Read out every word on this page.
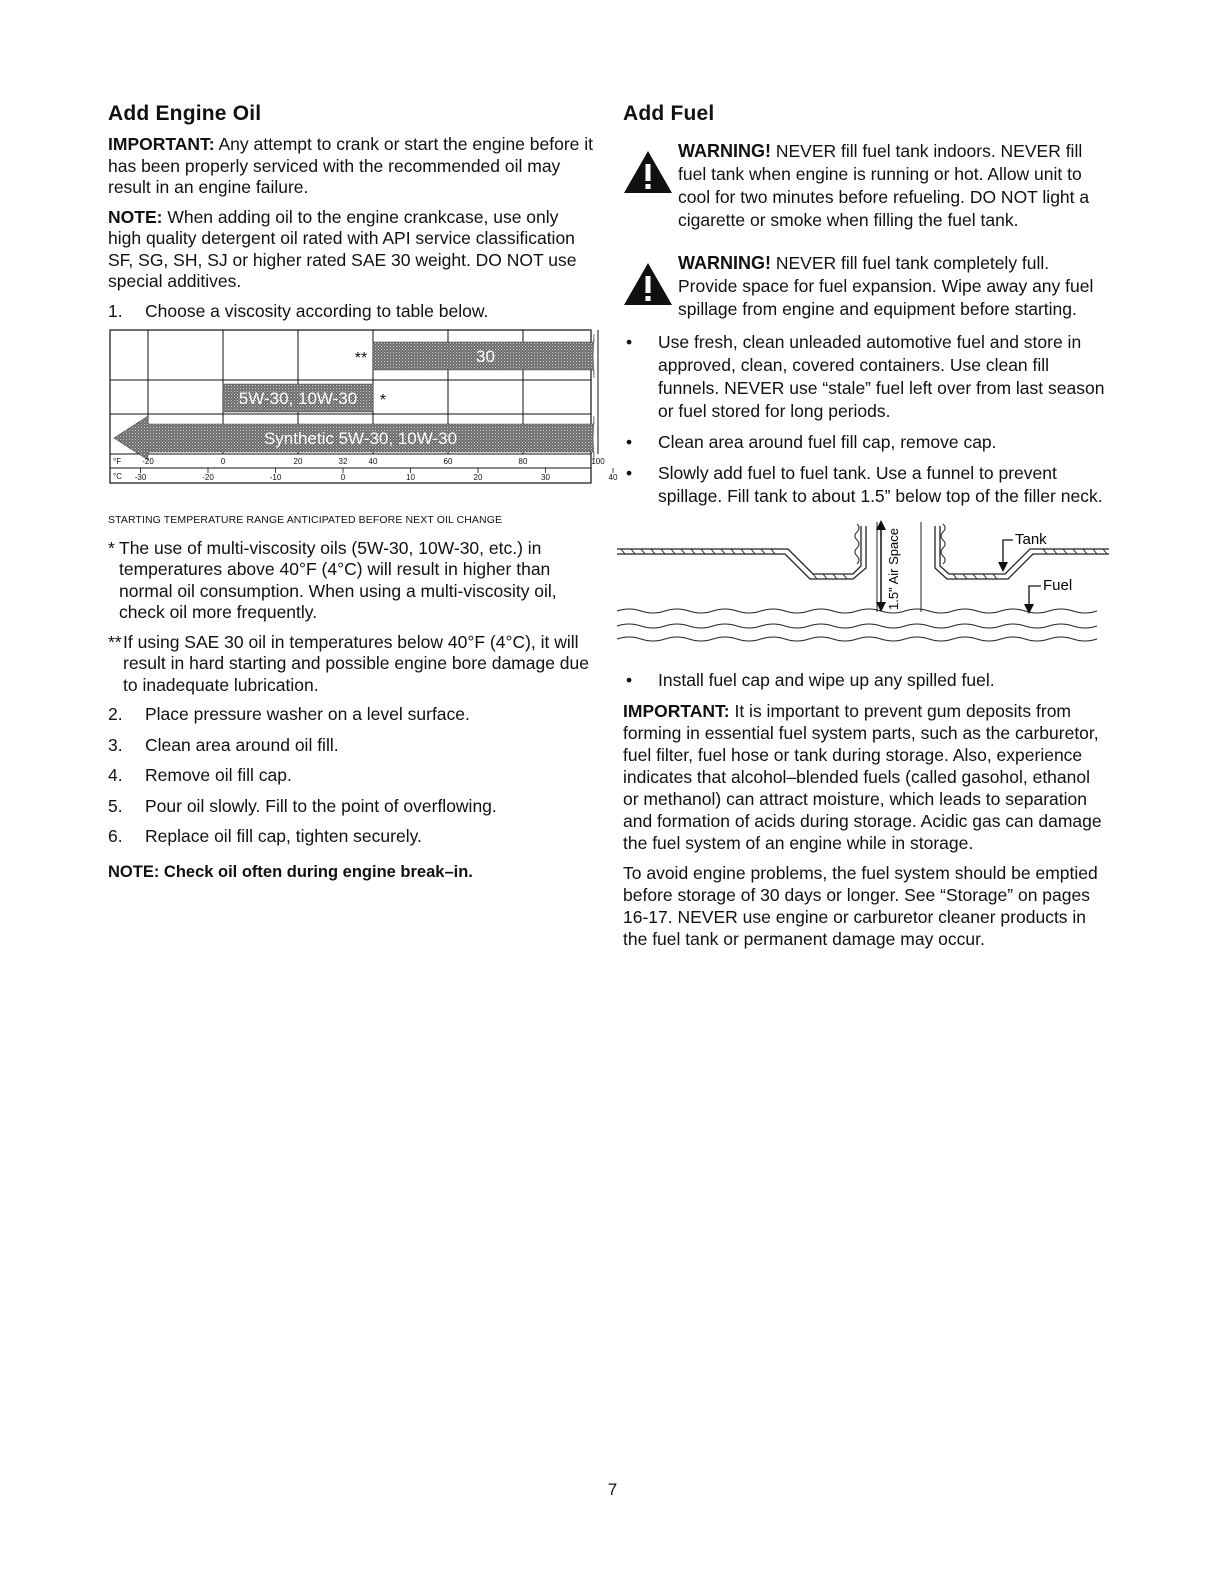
Add Engine Oil

IMPORTANT: Any attempt to crank or start the engine before it has been properly serviced with the recommended oil may result in an engine failure.

NOTE: When adding oil to the engine crankcase, use only high quality detergent oil rated with API service classification SF, SG, SH, SJ or higher rated SAE 30 weight. DO NOT use special additives.

1. Choose a viscosity according to table below.
30
**
5W-30, 10W-30 *
Synthetic 5W-30, 10W-30
°F	-20	0	20	32	40	60	80	100
°C -30	-20	-10	0	10	20	30	40

STARTING TEMPERATURE RANGE ANTICIPATED BEFORE NEXT OIL CHANGE

* The use of multi-viscosity oils (5W-30, 10W-30, etc.) in temperatures above 40°F (4°C) will result in higher than normal oil consumption. When using a multi-viscosity oil, check oil more frequently.
** If using SAE 30 oil in temperatures below 40°F (4°C), it will result in hard starting and possible engine bore damage due to inadequate lubrication.
2. Place pressure washer on a level surface.
3. Clean area around oil fill.
4. Remove oil fill cap.
5. Pour oil slowly. Fill to the point of overflowing.
6. Replace oil fill cap, tighten securely.

NOTE: Check oil often during engine break–in.

Add Fuel
WARNING! NEVER fill fuel tank indoors. NEVER fill fuel tank when engine is running or hot. Allow unit to cool for two minutes before refueling. DO NOT light a cigarette or smoke when filling the fuel tank.
WARNING! NEVER fill fuel tank completely full. Provide space for fuel expansion. Wipe away any fuel spillage from engine and equipment before starting.
• Use fresh, clean unleaded automotive fuel and store in approved, clean, covered containers. Use clean fill funnels. NEVER use “stale” fuel left over from last season or fuel stored for long periods.
• Clean area around fuel fill cap, remove cap.
• Slowly add fuel to fuel tank. Use a funnel to prevent spillage. Fill tank to about 1.5” below top of the filler neck.
1.5" Air Space	Tank
Fuel
• Install fuel cap and wipe up any spilled fuel.

IMPORTANT: It is important to prevent gum deposits from forming in essential fuel system parts, such as the carburetor, fuel filter, fuel hose or tank during storage. Also, experience indicates that alcohol–blended fuels (called gasohol, ethanol or methanol) can attract moisture, which leads to separation and formation of acids during storage. Acidic gas can damage the fuel system of an engine while in storage.

To avoid engine problems, the fuel system should be emptied before storage of 30 days or longer. See “Storage” on pages 16-17. NEVER use engine or carburetor cleaner products in the fuel tank or permanent damage may occur.

7
